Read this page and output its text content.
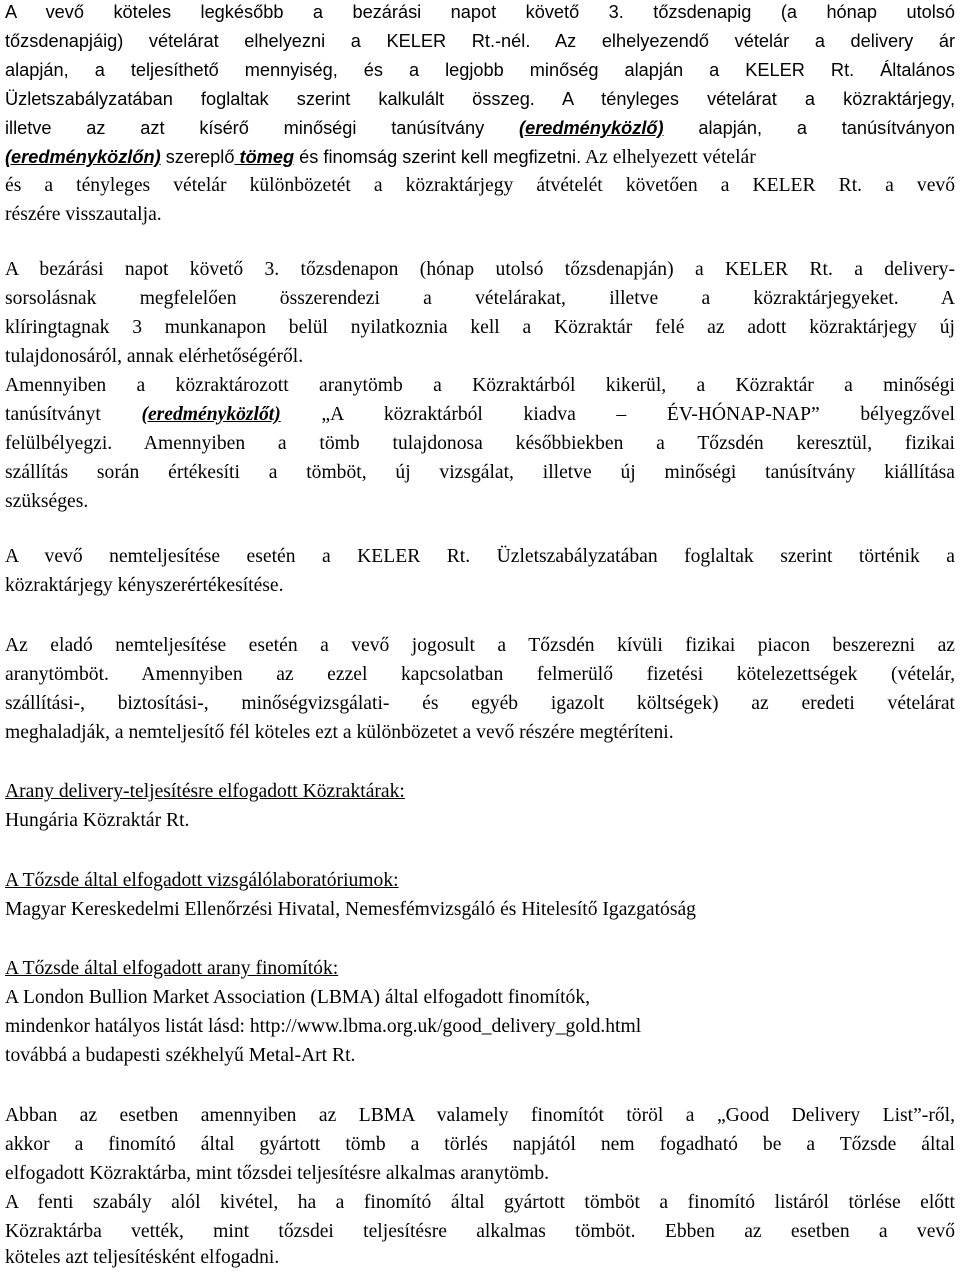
A vevő köteles legkésőbb a bezárási napot követő 3. tőzsdenapig (a hónap utolsó
tőzsdenapjáig) vételárat elhelyezni a KELER Rt.-nél. Az elhelyezendő vételár a delivery ár
alapján, a teljesíthető mennyiség, és a legjobb minőség alapján a KELER Rt. Általános
Üzletszabályzatában foglaltak szerint kalkulált összeg. A tényleges vételárat a közraktárjegy,
illetve az azt kísérő minőségi tanúsítvány (eredményközlő) alapján, a tanúsítványon
(eredményközlőn) szereplő tömeg és finomság szerint kell megfizetni. Az elhelyezett vételár
és a tényleges vételár különbözetét a közraktárjegy átvételét követően a KELER Rt. a vevő
részére visszautalja.
A bezárási napot követő 3. tőzsdenapon (hónap utolsó tőzsdenapján) a KELER Rt. a delivery-
sorsolásnak megfelelően összerendezi a vételárakat, illetve a közraktárjegyeket. A
klíringtagnak 3 munkanapon belül nyilatkoznia kell a Közraktár felé az adott közraktárjegy új
tulajdonosáról, annak elérhetőségéről.
Amennyiben a közraktározott aranytömb a Közraktárból kikerül, a Közraktár a minőségi
tanúsítványt (eredményközlőt) „A közraktárból kiadva – ÉV-HÓNAP-NAP” bélyegzővel
felülbélyegzi. Amennyiben a tömb tulajdonosa későbbiekben a Tőzsdén keresztül, fizikai
szállítás során értékesíti a tömböt, új vizsgálat, illetve új minőségi tanúsítvány kiállítása
szükséges.
A vevő nemteljesítése esetén a KELER Rt. Üzletszabályzatában foglaltak szerint történik a
közraktárjegy kényszerértékesítése.
Az eladó nemteljesítése esetén a vevő jogosult a Tőzsdén kívüli fizikai piacon beszerezni az
aranytömböt. Amennyiben az ezzel kapcsolatban felmerülő fizetési kötelezettségek (vételár,
szállítási-, biztosítási-, minőségvizsgálati- és egyéb igazolt költségek) az eredeti vételárat
meghaladják, a nemteljesítő fél köteles ezt a különbözetet a vevő részére megtéríteni.
Arany delivery-teljesítésre elfogadott Közraktárak:
Hungária Közraktár Rt.
A Tőzsde által elfogadott vizsgálólaboratóriumok:
Magyar Kereskedelmi Ellenőrzési Hivatal, Nemesfémvizsgáló és Hitelesítő Igazgatóság
A Tőzsde által elfogadott arany finomítók:
A London Bullion Market Association (LBMA) által elfogadott finomítók,
mindenkor hatályos listát lásd: http://www.lbma.org.uk/good_delivery_gold.html
továbbá a budapesti székhelyű Metal-Art Rt.
Abban az esetben amennyiben az LBMA valamely finomítót töröl a „Good Delivery List”-ről,
akkor a finomító által gyártott tömb a törlés napjától nem fogadható be a Tőzsde által
elfogadott Közraktárba, mint tőzsdei teljesítésre alkalmas aranytömb.
A fenti szabály alól kivétel, ha a finomító által gyártott tömböt a finomító listáról törlése előtt
Közraktárba vették, mint tőzsdei teljesítésre alkalmas tömböt. Ebben az esetben a vevő
köteles azt teljesítésként elfogadni.
